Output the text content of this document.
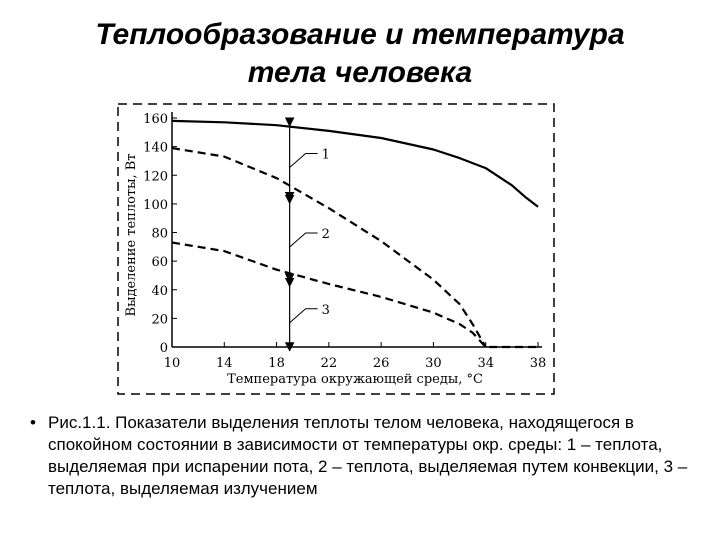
Теплообразование и температура
тела человека
1
2
3
0
20
40
60
80
100
120
140
160
10	14	18	22	26	30	34	38
Температура окружающей среды, °С
Выделение теплоты, Вт
• Рис.1.1. Показатели выделения теплоты телом человека, находящегося в спокойном состоянии в зависимости от температуры окр. среды: 1 – теплота, выделяемая при испарении пота, 2 – теплота, выделяемая путем конвекции, 3 – теплота, выделяемая излучением
